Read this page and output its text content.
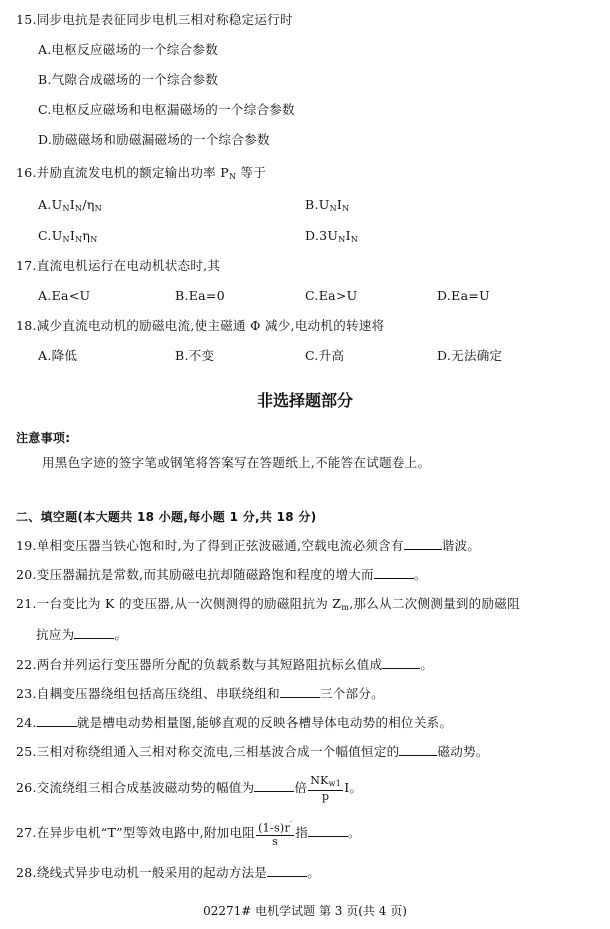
15.同步电抗是表征同步电机三相对称稳定运行时
A.电枢反应磁场的一个综合参数
B.气隙合成磁场的一个综合参数
C.电枢反应磁场和电枢漏磁场的一个综合参数
D.励磁磁场和励磁漏磁场的一个综合参数
16.并励直流发电机的额定输出功率 $P_N$ 等于
$A.U_NI_N/\eta_N$	$B.U_NI_N$
$C.U_NI_N\eta_N$	$D.3U_NI_N$
17.直流电机运行在电动机状态时,其
A.Ea<U	B.Ea=0	C.Ea>U	D.Ea=U
18.减少直流电动机的励磁电流,使主磁通 Φ 减少,电动机的转速将
A.降低	B.不变	C.升高	D.无法确定
非选择题部分
注意事项:
用黑色字迹的签字笔或钢笔将答案写在答题纸上,不能答在试题卷上。
二、填空题(本大题共 18 小题,每小题 1 分,共 18 分)
19.单相变压器当铁心饱和时,为了得到正弦波磁通,空载电流必须含有	谐波。
20.变压器漏抗是常数,而其励磁电抗却随磁路饱和程度的增大而	。
21.一台变比为 K 的变压器,从一次侧测得的励磁阻抗为 $Z_m$,那么从二次侧测量到的励磁阻
抗应为	。
22.两台并列运行变压器所分配的负载系数与其短路阻抗标幺值成	。
23.自耦变压器绕组包括高压绕组、串联绕组和	三个部分。
24.	就是槽电动势相量图,能够直观的反映各槽导体电动势的相位关系。
25.三相对称绕组通入三相对称交流电,三相基波合成一个幅值恒定的	磁动势。
26.交流绕组三相合成基波磁动势的幅值为	倍 $\frac{NK_{w1}}{p}$ I。
27.在异步电机“T”型等效电路中,附加电阻 $\frac{(1-s)r'}{s}$ 指	。
28.绕线式异步电动机一般采用的起动方法是	。
02271# 电机学试题 第 3 页(共 4 页)
